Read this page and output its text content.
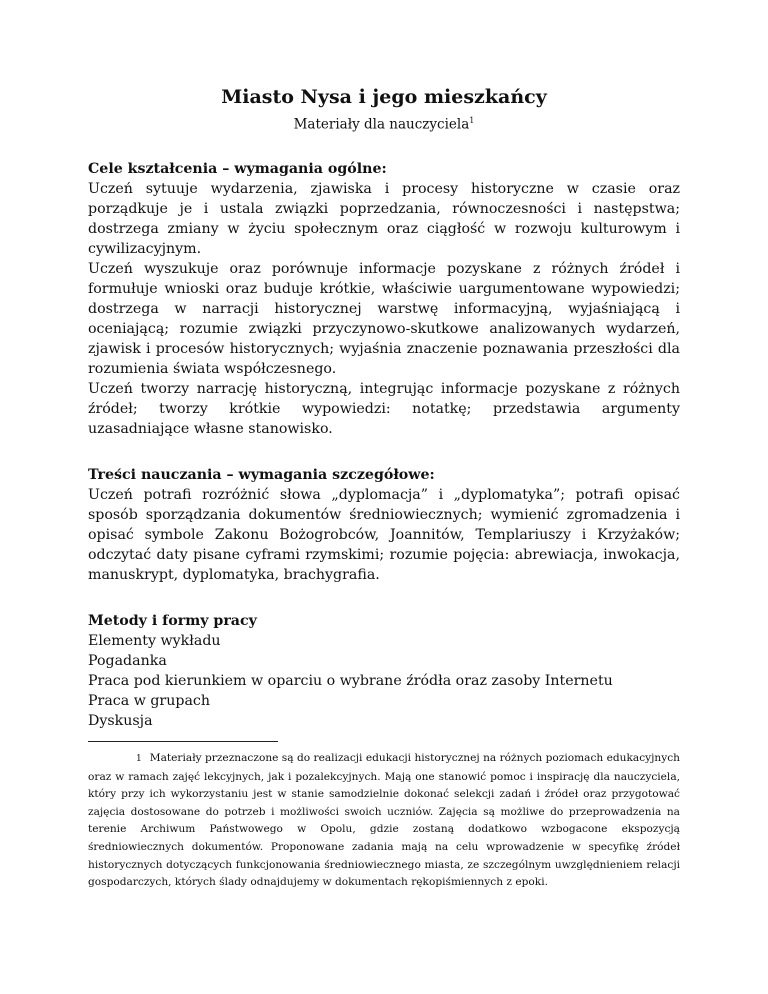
Miasto Nysa i jego mieszkańcy

Materiały dla nauczyciela$^1$

Cele kształcenia – wymagania ogólne:

Uczeń sytuuje wydarzenia, zjawiska i procesy historyczne w czasie oraz porządkuje je i ustala związki poprzedzania, równoczesności i następstwa; dostrzega zmiany w życiu społecznym oraz ciągłość w rozwoju kulturowym i cywilizacyjnym.

Uczeń wyszukuje oraz porównuje informacje pozyskane z różnych źródeł i formułuje wnioski oraz buduje krótkie, właściwie uargumentowane wypowiedzi; dostrzega w narracji historycznej warstwę informacyjną, wyjaśniającą i oceniającą; rozumie związki przyczynowo-skutkowe analizowanych wydarzeń, zjawisk i procesów historycznych; wyjaśnia znaczenie poznawania przeszłości dla rozumienia świata współczesnego.

Uczeń tworzy narrację historyczną, integrując informacje pozyskane z różnych źródeł; tworzy krótkie wypowiedzi: notatkę; przedstawia argumenty uzasadniające własne stanowisko.

Treści nauczania – wymagania szczegółowe:

Uczeń potrafi rozróżnić słowa „dyplomacja” i „dyplomatyka”; potrafi opisać sposób sporządzania dokumentów średniowiecznych; wymienić zgromadzenia i opisać symbole Zakonu Bożogrobców, Joannitów, Templariuszy i Krzyżaków; odczytać daty pisane cyframi rzymskimi; rozumie pojęcia: abrewiacja, inwokacja, manuskrypt, dyplomatyka, brachygrafia.

Metody i formy pracy

Elementy wykładu

Pogadanka

Praca pod kierunkiem w oparciu o wybrane źródła oraz zasoby Internetu

Praca w grupach

Dyskusja

1 Materiały przeznaczone są do realizacji edukacji historycznej na różnych poziomach edukacyjnych oraz w ramach zajęć lekcyjnych, jak i pozalekcyjnych. Mają one stanowić pomoc i inspirację dla nauczyciela, który przy ich wykorzystaniu jest w stanie samodzielnie dokonać selekcji zadań i źródeł oraz przygotować zajęcia dostosowane do potrzeb i możliwości swoich uczniów. Zajęcia są możliwe do przeprowadzenia na terenie Archiwum Państwowego w Opolu, gdzie zostaną dodatkowo wzbogacone ekspozycją średniowiecznych dokumentów. Proponowane zadania mają na celu wprowadzenie w specyfikę źródeł historycznych dotyczących funkcjonowania średniowiecznego miasta, ze szczególnym uwzględnieniem relacji gospodarczych, których ślady odnajdujemy w dokumentach rękopiśmiennych z epoki.
